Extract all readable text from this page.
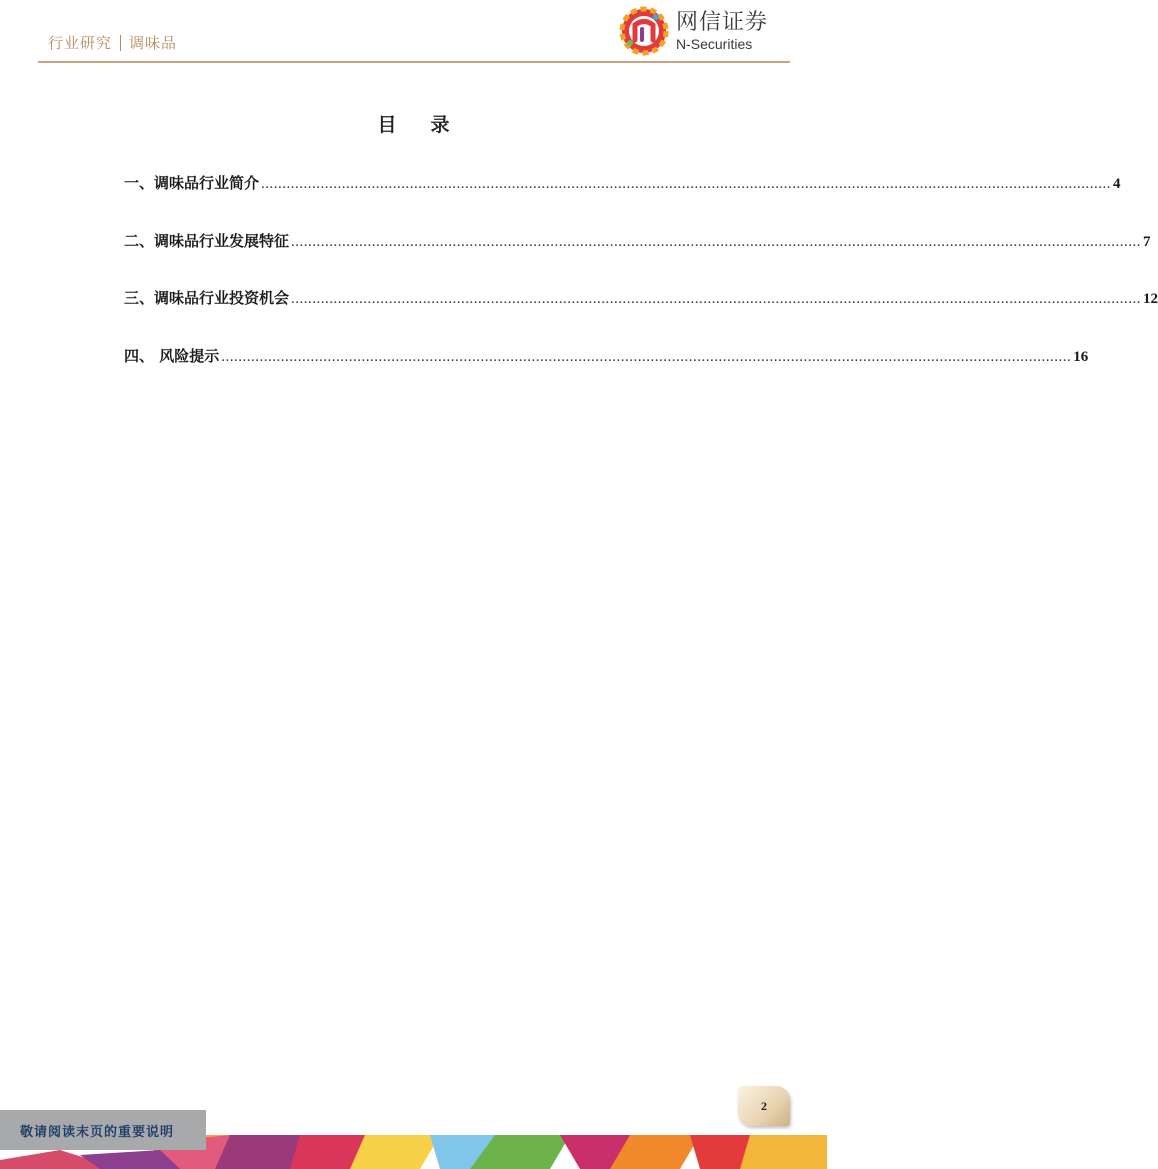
行业研究 调味品
网信证券
N-Securities
目 录
一、调味品行业简介 ........................................................................................................................................................................................................ 4
二、调味品行业发展特征 ........................................................................................................................................................................................................ 7
三、调味品行业投资机会 ........................................................................................................................................................................................................ 12
四、 风险提示 ........................................................................................................................................................................................................ 16
2
敬请阅读末页的重要说明
